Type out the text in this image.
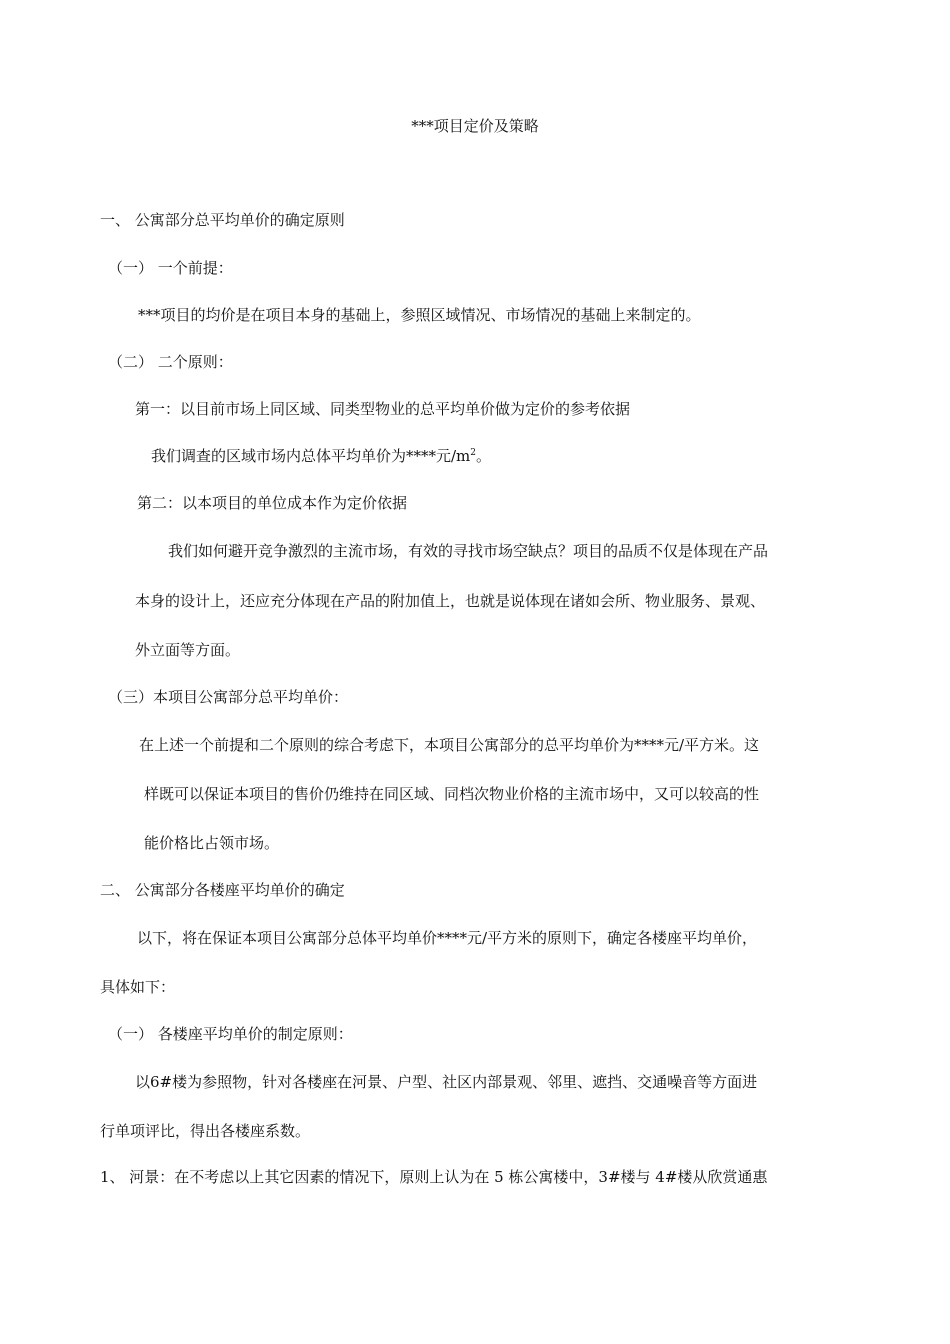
***项目定价及策略
一、 公寓部分总平均单价的确定原则
（一） 一个前提：
***项目的均价是在项目本身的基础上，参照区域情况、市场情况的基础上来制定的。
（二） 二个原则：
第一：以目前市场上同区域、同类型物业的总平均单价做为定价的参考依据
我们调查的区域市场内总体平均单价为****元$/m^2$。
第二：以本项目的单位成本作为定价依据
我们如何避开竞争激烈的主流市场，有效的寻找市场空缺点？项目的品质不仅是体现在产品
本身的设计上，还应充分体现在产品的附加值上，也就是说体现在诸如会所、物业服务、景观、
外立面等方面。
（三）本项目公寓部分总平均单价：
在上述一个前提和二个原则的综合考虑下，本项目公寓部分的总平均单价为****元/平方米。这
样既可以保证本项目的售价仍维持在同区域、同档次物业价格的主流市场中，又可以较高的性
能价格比占领市场。
二、 公寓部分各楼座平均单价的确定
以下，将在保证本项目公寓部分总体平均单价****元/平方米的原则下，确定各楼座平均单价，
具体如下：
（一） 各楼座平均单价的制定原则：
以6#楼为参照物，针对各楼座在河景、户型、社区内部景观、邻里、遮挡、交通噪音等方面进
行单项评比，得出各楼座系数。
1、 河景：在不考虑以上其它因素的情况下，原则上认为在 5 栋公寓楼中，3#楼与 4#楼从欣赏通惠
